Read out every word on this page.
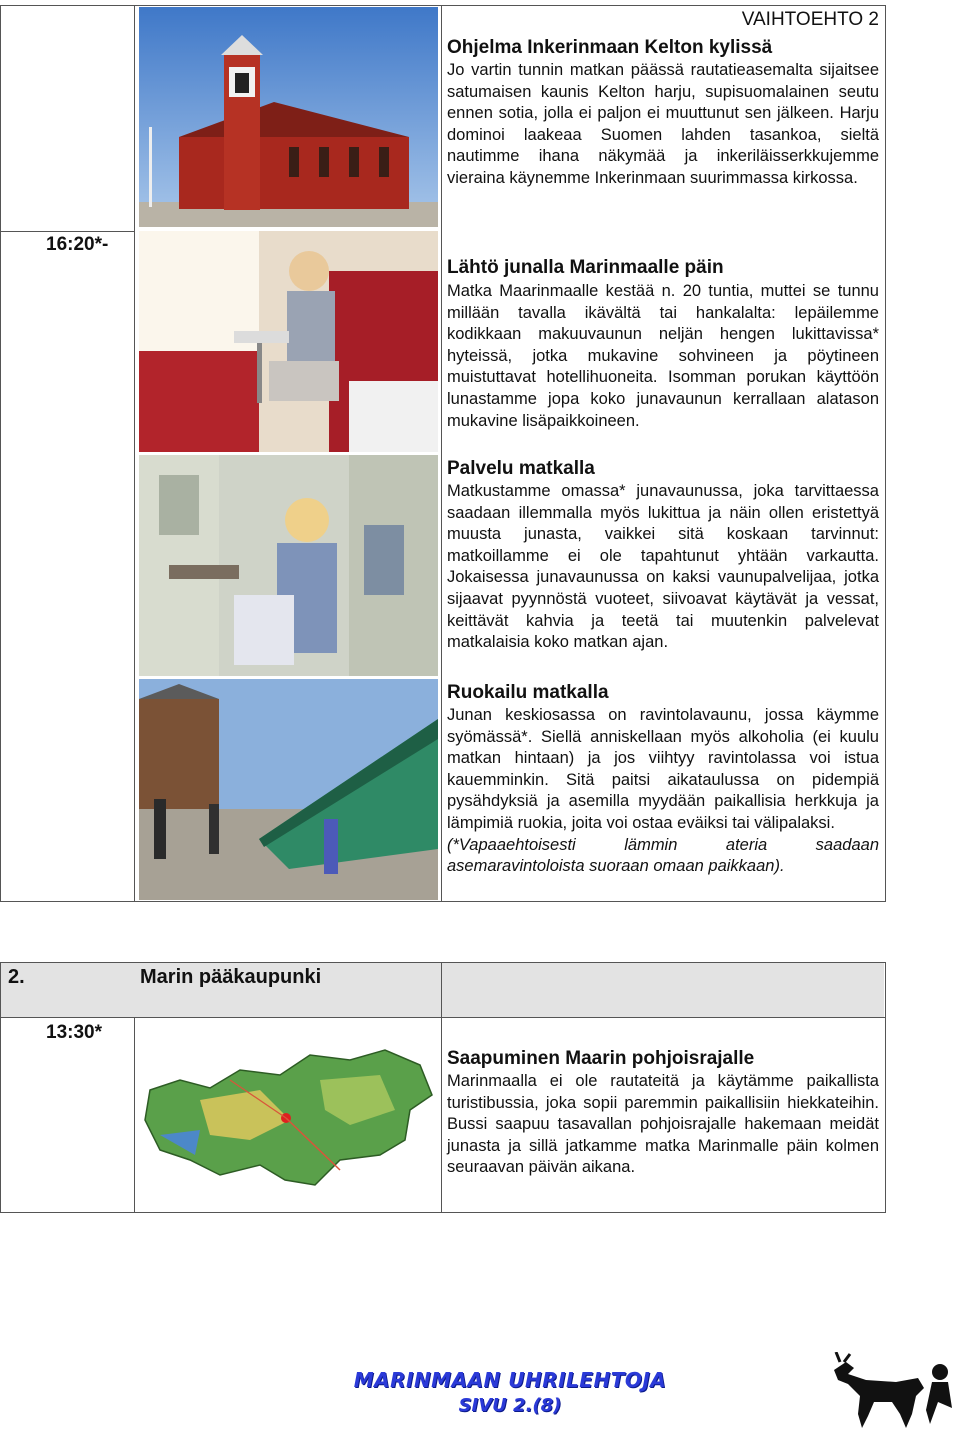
16:20*-
VAIHTOEHTO 2
Ohjelma Inkerinmaan Kelton kylissä

Jo vartin tunnin matkan päässä rautatieasemalta sijaitsee satumaisen kaunis Kelton harju, supisuomalainen seutu ennen sotia, jolla ei paljon ei muuttunut sen jälkeen. Harju dominoi laakeaa Suomen lahden tasankoa, sieltä nautimme ihana näkymää ja inkeriläisserkkujemme vieraina käynemme Inkerinmaan suurimmassa kirkossa.

Lähtö junalla Marinmaalle päin

Matka Maarinmaalle kestää n. 20 tuntia, muttei se tunnu millään tavalla ikävältä tai hankalalta: lepäilemme kodikkaan makuuvaunun neljän hengen lukittavissa* hyteissä, jotka mukavine sohvineen ja pöytineen muistuttavat hotellihuoneita. Isomman porukan käyttöön lunastamme jopa koko junavaunun kerrallaan alatason mukavine lisäpaikkoineen.

Palvelu matkalla

Matkustamme omassa* junavaunussa, joka tarvittaessa saadaan illemmalla myös lukittua ja näin ollen eristettyä muusta junasta, vaikkei sitä koskaan tarvinnut: matkoillamme ei ole tapahtunut yhtään varkautta. Jokaisessa junavaunussa on kaksi vaunupalvelijaa, jotka sijaavat pyynnöstä vuoteet, siivoavat käytävät ja vessat, keittävät kahvia ja teetä tai muutenkin palvelevat matkalaisia koko matkan ajan.

Ruokailu matkalla

Junan keskiosassa on ravintolavaunu, jossa käymme syömässä*. Siellä anniskellaan myös alkoholia (ei kuulu matkan hintaan) ja jos viihtyy ravintolassa voi istua kauemminkin. Sitä paitsi aikataulussa on pidempiä pysähdyksiä ja asemilla myydään paikallisia herkkuja ja lämpimiä ruokia, joita voi ostaa eväiksi tai välipalaksi.

(*Vapaaehtoisesti lämmin ateria saadaan asemaravintoloista suoraan omaan paikkaan).

2.	Marin pääkaupunki
13:30*
Saapuminen Maarin pohjoisrajalle

Marinmaalla ei ole rautateitä ja käytämme paikallista turistibussia, joka sopii paremmin paikallisiin hiekkateihin. Bussi saapuu tasavallan pohjoisrajalle hakemaan meidät junasta ja sillä jatkamme matka Marinmalle päin kolmen seuraavan päivän aikana.

MARINMAAN UHRILEHTOJA
SIVU 2.(8)
